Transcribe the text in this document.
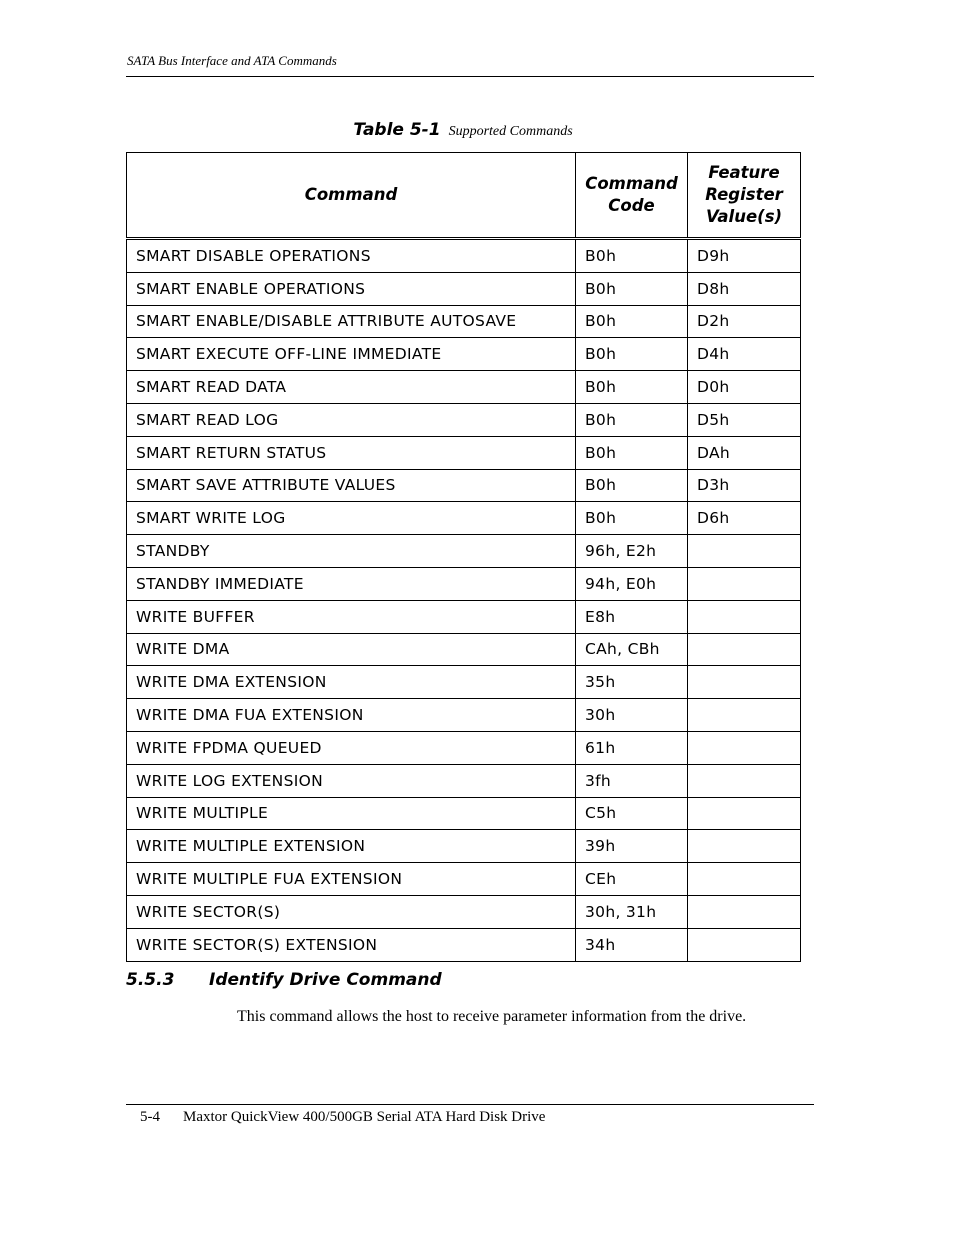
SATA Bus Interface and ATA Commands
Table 5-1 Supported Commands
Command	Command Code	Feature Register Value(s)
SMART DISABLE OPERATIONS	B0h	D9h
SMART ENABLE OPERATIONS	B0h	D8h
SMART ENABLE/DISABLE ATTRIBUTE AUTOSAVE	B0h	D2h
SMART EXECUTE OFF-LINE IMMEDIATE	B0h	D4h
SMART READ DATA	B0h	D0h
SMART READ LOG	B0h	D5h
SMART RETURN STATUS	B0h	DAh
SMART SAVE ATTRIBUTE VALUES	B0h	D3h
SMART WRITE LOG	B0h	D6h
STANDBY	96h, E2h	
STANDBY IMMEDIATE	94h, E0h	
WRITE BUFFER	E8h	
WRITE DMA	CAh, CBh	
WRITE DMA EXTENSION	35h	
WRITE DMA FUA EXTENSION	30h	
WRITE FPDMA QUEUED	61h	
WRITE LOG EXTENSION	3fh	
WRITE MULTIPLE	C5h	
WRITE MULTIPLE EXTENSION	39h	
WRITE MULTIPLE FUA EXTENSION	CEh	
WRITE SECTOR(S)	30h, 31h	
WRITE SECTOR(S) EXTENSION	34h	
5.5.3 Identify Drive Command
This command allows the host to receive parameter information from the drive.
5-4 Maxtor QuickView 400/500GB Serial ATA Hard Disk Drive
